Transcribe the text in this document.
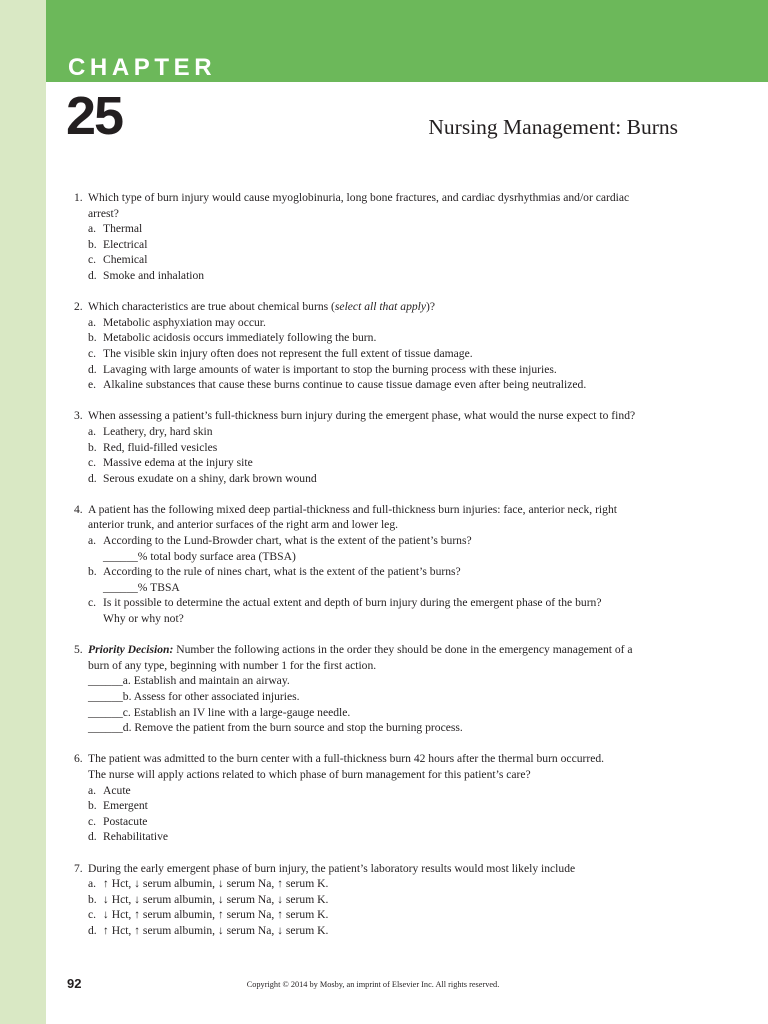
CHAPTER
25	Nursing Management: Burns
1. Which type of burn injury would cause myoglobinuria, long bone fractures, and cardiac dysrhythmias and/or cardiac
arrest?
a. Thermal
b. Electrical
c. Chemical
d. Smoke and inhalation
2. Which characteristics are true about chemical burns (select all that apply)?
a. Metabolic asphyxiation may occur.
b. Metabolic acidosis occurs immediately following the burn.
c. The visible skin injury often does not represent the full extent of tissue damage.
d. Lavaging with large amounts of water is important to stop the burning process with these injuries.
e. Alkaline substances that cause these burns continue to cause tissue damage even after being neutralized.
3. When assessing a patient’s full-thickness burn injury during the emergent phase, what would the nurse expect to find?
a. Leathery, dry, hard skin
b. Red, fluid-filled vesicles
c. Massive edema at the injury site
d. Serous exudate on a shiny, dark brown wound
4. A patient has the following mixed deep partial-thickness and full-thickness burn injuries: face, anterior neck, right
anterior trunk, and anterior surfaces of the right arm and lower leg.
a. According to the Lund-Browder chart, what is the extent of the patient’s burns?
______% total body surface area (TBSA)
b. According to the rule of nines chart, what is the extent of the patient’s burns?
______% TBSA
c. Is it possible to determine the actual extent and depth of burn injury during the emergent phase of the burn?
Why or why not?
5. Priority Decision: Number the following actions in the order they should be done in the emergency management of a
burn of any type, beginning with number 1 for the first action.
______a. Establish and maintain an airway.
______b. Assess for other associated injuries.
______c. Establish an IV line with a large-gauge needle.
______d. Remove the patient from the burn source and stop the burning process.
6. The patient was admitted to the burn center with a full-thickness burn 42 hours after the thermal burn occurred.
The nurse will apply actions related to which phase of burn management for this patient’s care?
a. Acute
b. Emergent
c. Postacute
d. Rehabilitative
7. During the early emergent phase of burn injury, the patient’s laboratory results would most likely include
a. ↑ Hct, ↓ serum albumin, ↓ serum Na, ↑ serum K.
b. ↓ Hct, ↓ serum albumin, ↓ serum Na, ↓ serum K.
c. ↓ Hct, ↑ serum albumin, ↑ serum Na, ↑ serum K.
d. ↑ Hct, ↑ serum albumin, ↓ serum Na, ↓ serum K.
92	Copyright © 2014 by Mosby, an imprint of Elsevier Inc. All rights reserved.
